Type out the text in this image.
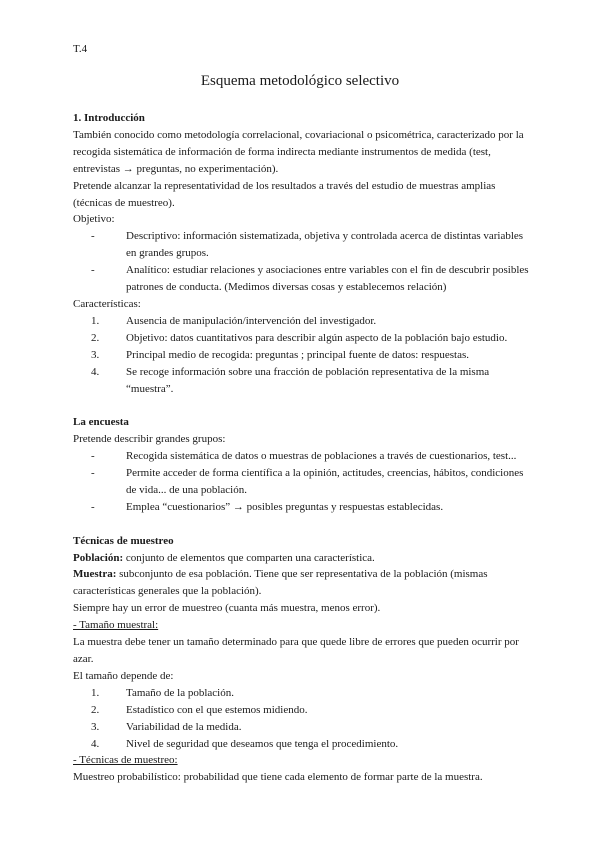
T.4
Esquema metodológico selectivo

1. Introducción

También conocido como metodología correlacional, covariacional o psicométrica, caracterizado por la recogida sistemática de información de forma indirecta mediante instrumentos de medida (test, entrevistas → preguntas, no experimentación).

Pretende alcanzar la representatividad de los resultados a través del estudio de muestras amplias (técnicas de muestreo).

Objetivo:

-	Descriptivo: información sistematizada, objetiva y controlada acerca de distintas variables en grandes grupos.
-	Analítico: estudiar relaciones y asociaciones entre variables con el fin de descubrir posibles patrones de conducta. (Medimos diversas cosas y establecemos relación)

Características:

1. Ausencia de manipulación/intervención del investigador.
2. Objetivo: datos cuantitativos para describir algún aspecto de la población bajo estudio.
3. Principal medio de recogida: preguntas ; principal fuente de datos: respuestas.
4. Se recoge información sobre una fracción de población representativa de la misma “muestra”.

La encuesta

Pretende describir grandes grupos:

-	Recogida sistemática de datos o muestras de poblaciones a través de cuestionarios, test...
-	Permite acceder de forma científica a la opinión, actitudes, creencias, hábitos, condiciones de vida... de una población.
-	Emplea “cuestionarios” → posibles preguntas y respuestas establecidas.

Técnicas de muestreo

Población: conjunto de elementos que comparten una característica.

Muestra: subconjunto de esa población. Tiene que ser representativa de la población (mismas características generales que la población).

Siempre hay un error de muestreo (cuanta más muestra, menos error).

- Tamaño muestral:

La muestra debe tener un tamaño determinado para que quede libre de errores que pueden ocurrir por azar.

El tamaño depende de:

1. Tamaño de la población.
2. Estadístico con el que estemos midiendo.
3. Variabilidad de la medida.
4. Nivel de seguridad que deseamos que tenga el procedimiento.

- Técnicas de muestreo:

Muestreo probabilístico: probabilidad que tiene cada elemento de formar parte de la muestra.
